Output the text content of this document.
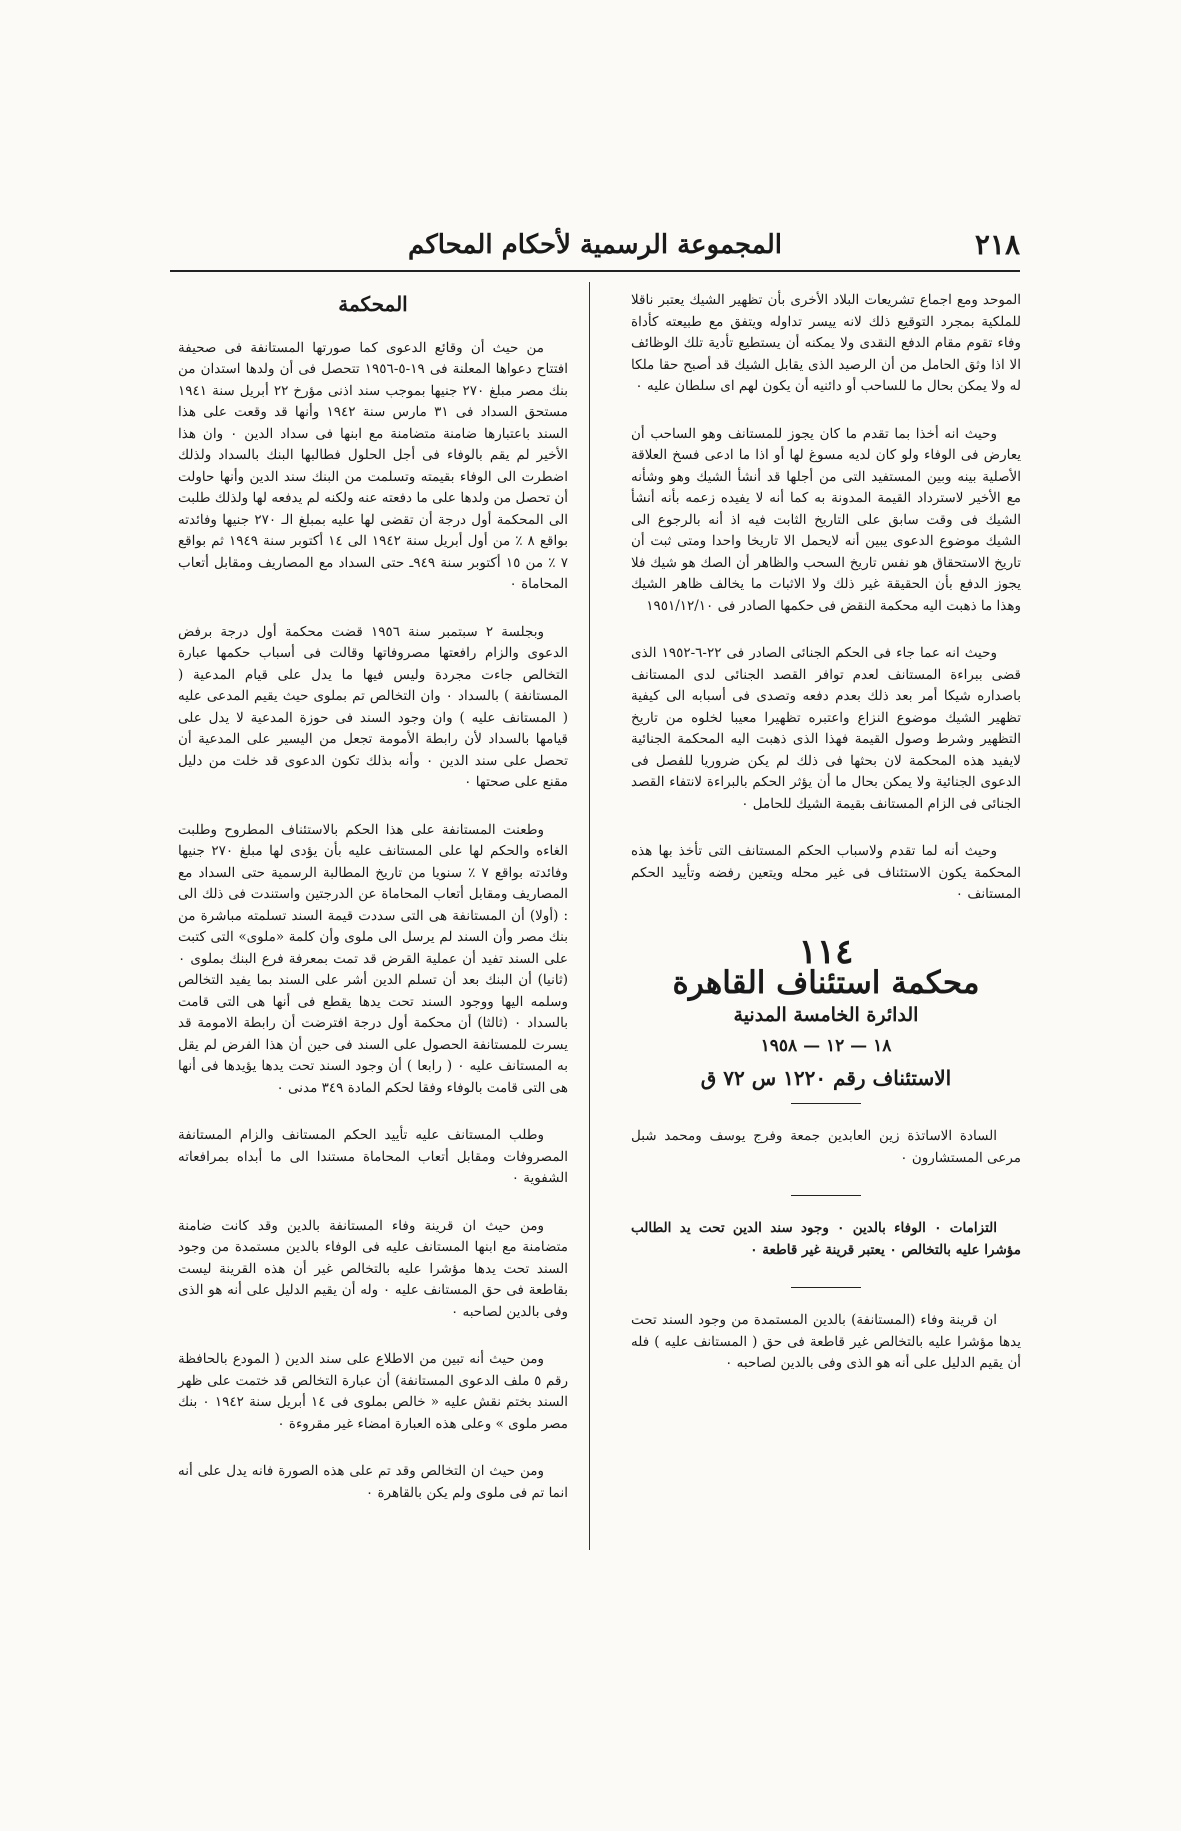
٢١٨
المجموعة الرسمية لأحكام المحاكم

الموحد ومع اجماع تشريعات البلاد الأخرى بأن تظهير الشيك يعتبر ناقلا للملكية بمجرد التوقيع ذلك لانه ييسر تداوله ويتفق مع طبيعته كأداة وفاء تقوم مقام الدفع النقدى ولا يمكنه أن يستطيع تأدية تلك الوظائف الا اذا وثق الحامل من أن الرصيد الذى يقابل الشيك قد أصبح حقا ملكا له ولا يمكن بحال ما للساحب أو دائنيه أن يكون لهم اى سلطان عليه ٠

وحيث انه أخذا بما تقدم ما كان يجوز للمستانف وهو الساحب أن يعارض فى الوفاء ولو كان لديه مسوغ لها أو اذا ما ادعى فسخ العلاقة الأصلية بينه وبين المستفيد التى من أجلها قد أنشأ الشيك وهو وشأنه مع الأخير لاسترداد القيمة المدونة به كما أنه لا يفيده زعمه بأنه أنشأ الشيك فى وقت سابق على التاريخ الثابت فيه اذ أنه بالرجوع الى الشيك موضوع الدعوى يبين أنه لايحمل الا تاريخا واحدا ومتى ثبت أن تاريخ الاستحقاق هو نفس تاريخ السحب والظاهر أن الصك هو شيك فلا يجوز الدفع بأن الحقيقة غير ذلك ولا الاثبات ما يخالف ظاهر الشيك وهذا ما ذهبت اليه محكمة النقض فى حكمها الصادر فى ١٩٥١/١٢/١٠

وحيث انه عما جاء فى الحكم الجنائى الصادر فى ٢٢-٦-١٩٥٢ الذى قضى ببراءة المستانف لعدم توافر القصد الجنائى لدى المستانف باصداره شيكا أمر بعد ذلك بعدم دفعه وتصدى فى أسبابه الى كيفية تظهير الشيك موضوع النزاع واعتبره تظهيرا معيبا لخلوه من تاريخ التظهير وشرط وصول القيمة فهذا الذى ذهبت اليه المحكمة الجنائية لايفيد هذه المحكمة لان بحثها فى ذلك لم يكن ضروريا للفصل فى الدعوى الجنائية ولا يمكن بحال ما أن يؤثر الحكم بالبراءة لانتفاء القصد الجنائى فى الزام المستانف بقيمة الشيك للحامل ٠

وحيث أنه لما تقدم ولاسباب الحكم المستانف التى تأخذ بها هذه المحكمة يكون الاستئناف فى غير محله ويتعين رفضه وتأييد الحكم المستانف ٠

١١٤
محكمة استئناف القاهرة
الدائرة الخامسة المدنية
١٨ — ١٢ — ١٩٥٨
الاستئناف رقم ١٢٢٠ س ٧٢ ق

السادة الاساتذة زين العابدين جمعة وفرج يوسف ومحمد شبل مرعى المستشارون ٠

التزامات ٠ الوفاء بالدين ٠ وجود سند الدين تحت يد الطالب مؤشرا عليه بالتخالص ٠ يعتبر قرينة غير قاطعة ٠

ان قرينة وفاء (المستانفة) بالدين المستمدة من وجود السند تحت يدها مؤشرا عليه بالتخالص غير قاطعة فى حق ( المستانف عليه ) فله أن يقيم الدليل على أنه هو الذى وفى بالدين لصاحبه ٠

المحكمة

من حيث أن وقائع الدعوى كما صورتها المستانفة فى صحيفة افتتاح دعواها المعلنة فى ١٩-٥-١٩٥٦ تتحصل فى أن ولدها استدان من بنك مصر مبلغ ٢٧٠ جنيها بموجب سند اذنى مؤرخ ٢٢ أبريل سنة ١٩٤١ مستحق السداد فى ٣١ مارس سنة ١٩٤٢ وأنها قد وقعت على هذا السند باعتبارها ضامنة متضامنة مع ابنها فى سداد الدين ٠ وان هذا الأخير لم يقم بالوفاء فى أجل الحلول فطالبها البنك بالسداد ولذلك اضطرت الى الوفاء بقيمته وتسلمت من البنك سند الدين وأنها حاولت أن تحصل من ولدها على ما دفعته عنه ولكنه لم يدفعه لها ولذلك طلبت الى المحكمة أول درجة أن تقضى لها عليه بمبلغ الـ ٢٧٠ جنيها وفائدته بواقع ٨ ٪ من أول أبريل سنة ١٩٤٢ الى ١٤ أكتوبر سنة ١٩٤٩ ثم بواقع ٧ ٪ من ١٥ أكتوبر سنة ٩٤٩ـ حتى السداد مع المصاريف ومقابل أتعاب المحاماة ٠

وبجلسة ٢ سبتمبر سنة ١٩٥٦ قضت محكمة أول درجة برفض الدعوى والزام رافعتها مصروفاتها وقالت فى أسباب حكمها عبارة التخالص جاءت مجردة وليس فيها ما يدل على قيام المدعية ( المستانفة ) بالسداد ٠ وان التخالص تم بملوى حيث يقيم المدعى عليه ( المستانف عليه ) وان وجود السند فى حوزة المدعية لا يدل على قيامها بالسداد لأن رابطة الأمومة تجعل من اليسير على المدعية أن تحصل على سند الدين ٠ وأنه بذلك تكون الدعوى قد خلت من دليل مقنع على صحتها ٠

وطعنت المستانفة على هذا الحكم بالاستئناف المطروح وطلبت الغاءه والحكم لها على المستانف عليه بأن يؤدى لها مبلغ ٢٧٠ جنيها وفائدته بواقع ٧ ٪ سنويا من تاريخ المطالبة الرسمية حتى السداد مع المصاريف ومقابل أتعاب المحاماة عن الدرجتين واستندت فى ذلك الى : (أولا) أن المستانفة هى التى سددت قيمة السند تسلمته مباشرة من بنك مصر وأن السند لم يرسل الى ملوى وأن كلمة «ملوى» التى كتبت على السند تفيد أن عملية القرض قد تمت بمعرفة فرع البنك بملوى ٠ (ثانيا) أن البنك بعد أن تسلم الدين أشر على السند بما يفيد التخالص وسلمه اليها ووجود السند تحت يدها يقطع فى أنها هى التى قامت بالسداد ٠ (ثالثا) أن محكمة أول درجة افترضت أن رابطة الامومة قد يسرت للمستانفة الحصول على السند فى حين أن هذا الفرض لم يقل به المستانف عليه ٠ ( رابعا ) أن وجود السند تحت يدها يؤيدها فى أنها هى التى قامت بالوفاء وفقا لحكم المادة ٣٤٩ مدنى ٠

وطلب المستانف عليه تأييد الحكم المستانف والزام المستانفة المصروفات ومقابل أتعاب المحاماة مستندا الى ما أبداه بمرافعاته الشفوية ٠

ومن حيث ان قرينة وفاء المستانفة بالدين وقد كانت ضامنة متضامنة مع ابنها المستانف عليه فى الوفاء بالدين مستمدة من وجود السند تحت يدها مؤشرا عليه بالتخالص غير أن هذه القرينة ليست بقاطعة فى حق المستانف عليه ٠ وله أن يقيم الدليل على أنه هو الذى وفى بالدين لصاحبه ٠

ومن حيث أنه تبين من الاطلاع على سند الدين ( المودع بالحافظة رقم ٥ ملف الدعوى المستانفة) أن عبارة التخالص قد ختمت على ظهر السند بختم نقش عليه « خالص بملوى فى ١٤ أبريل سنة ١٩٤٢ ٠ بنك مصر ملوى » وعلى هذه العبارة امضاء غير مقروءة ٠

ومن حيث ان التخالص وقد تم على هذه الصورة فانه يدل على أنه انما تم فى ملوى ولم يكن بالقاهرة ٠
